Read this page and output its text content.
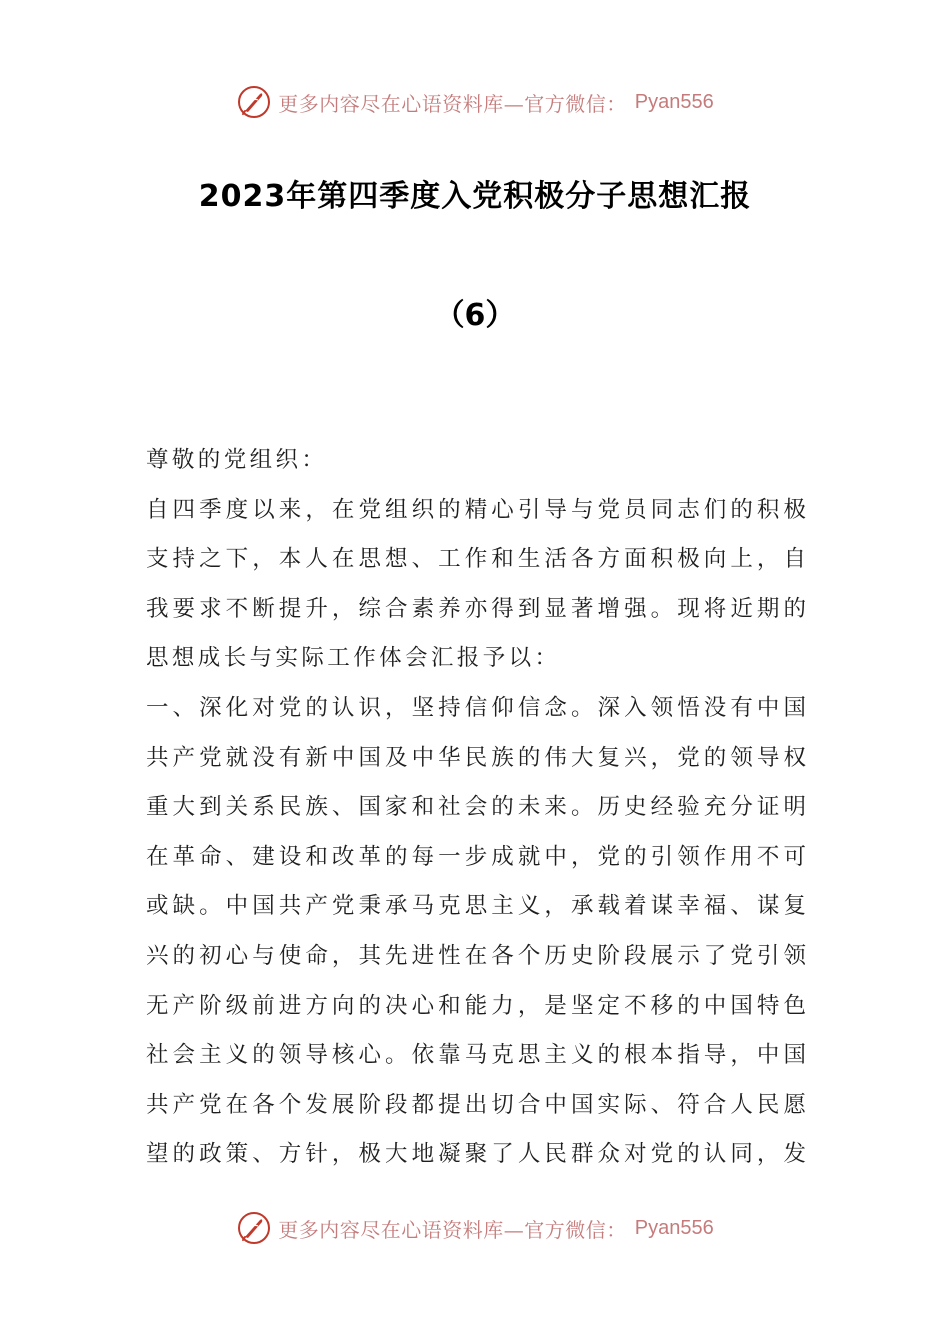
更多内容尽在心语资料库—官方微信： Pyan556
2023年第四季度入党积极分子思想汇报
（6）
尊敬的党组织：
自四季度以来，在党组织的精心引导与党员同志们的积极
支持之下，本人在思想、工作和生活各方面积极向上，自
我要求不断提升，综合素养亦得到显著增强。现将近期的
思想成长与实际工作体会汇报予以：
一、深化对党的认识，坚持信仰信念。深入领悟没有中国
共产党就没有新中国及中华民族的伟大复兴，党的领导权
重大到关系民族、国家和社会的未来。历史经验充分证明
在革命、建设和改革的每一步成就中，党的引领作用不可
或缺。中国共产党秉承马克思主义，承载着谋幸福、谋复
兴的初心与使命，其先进性在各个历史阶段展示了党引领
无产阶级前进方向的决心和能力，是坚定不移的中国特色
社会主义的领导核心。依靠马克思主义的根本指导，中国
共产党在各个发展阶段都提出切合中国实际、符合人民愿
望的政策、方针，极大地凝聚了人民群众对党的认同，发
更多内容尽在心语资料库—官方微信： Pyan556
